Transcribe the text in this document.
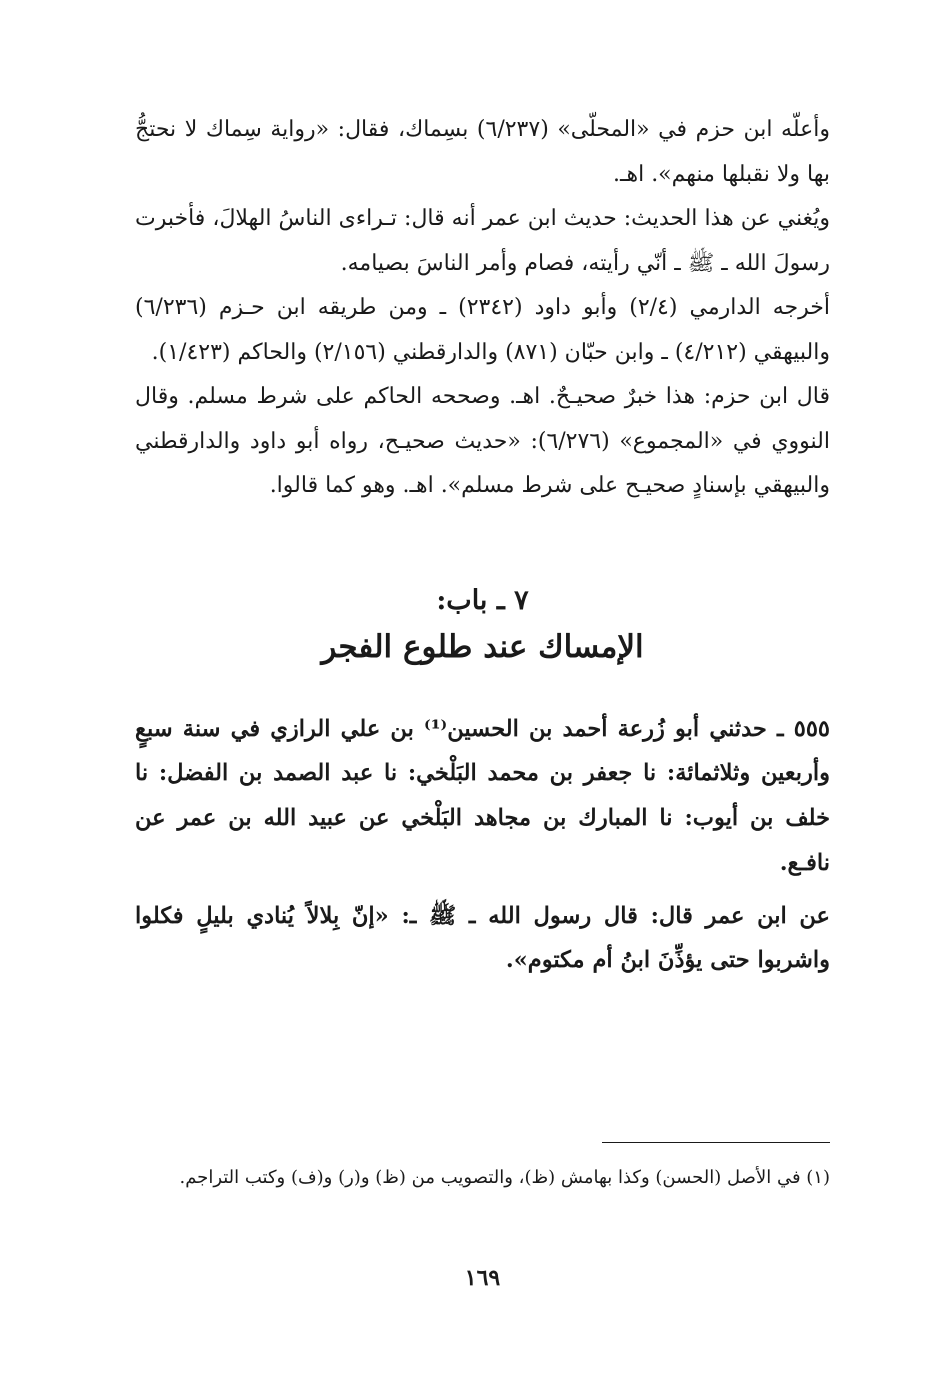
وأعلّه ابن حزم في «المحلّى» (٦/٢٣٧) بسِماك، فقال: «رواية سِماك لا نحتجُّ بها ولا نقبلها منهم». اهـ.

ويُغني عن هذا الحديث: حديث ابن عمر أنه قال: تـراءى الناسُ الهلالَ، فأخبرت رسولَ الله ـ ﷺ ـ أنّي رأيته، فصام وأمر الناسَ بصيامه.

أخرجه الدارمي (٢/٤) وأبو داود (٢٣٤٢) ـ ومن طريقه ابن حـزم (٦/٢٣٦) والبيهقي (٤/٢١٢) ـ وابن حبّان (٨٧١) والدارقطني (٢/١٥٦) والحاكم (١/٤٢٣).

قال ابن حزم: هذا خبرٌ صحيـحٌ. اهـ. وصححه الحاكم على شرط مسلم. وقال النووي في «المجموع» (٦/٢٧٦): «حديث صحيـح، رواه أبو داود والدارقطني والبيهقي بإسنادٍ صحيـح على شرط مسلم». اهـ. وهو كما قالوا.

٧ ـ باب:
الإمساك عند طلوع الفجر

٥٥٥ ـ حدثني أبو زُرعة أحمد بن الحسين⁽¹⁾ بن علي الرازي في سنة سبعٍ وأربعين وثلاثمائة: نا جعفر بن محمد البَلْخي: نا عبد الصمد بن الفضل: نا خلف بن أيوب: نا المبارك بن مجاهد البَلْخي عن عبيد الله بن عمر عن نافـع.

عن ابن عمر قال: قال رسول الله ـ ﷺ ـ: «إنّ بِلالاً يُنادي بليلٍ فكلوا واشربوا حتى يؤذِّنَ ابنُ أم مكتوم».

(١) في الأصل (الحسن) وكذا بهامش (ظ)، والتصويب من (ظ) و(ر) و(ف) وكتب التراجم.

١٦٩
